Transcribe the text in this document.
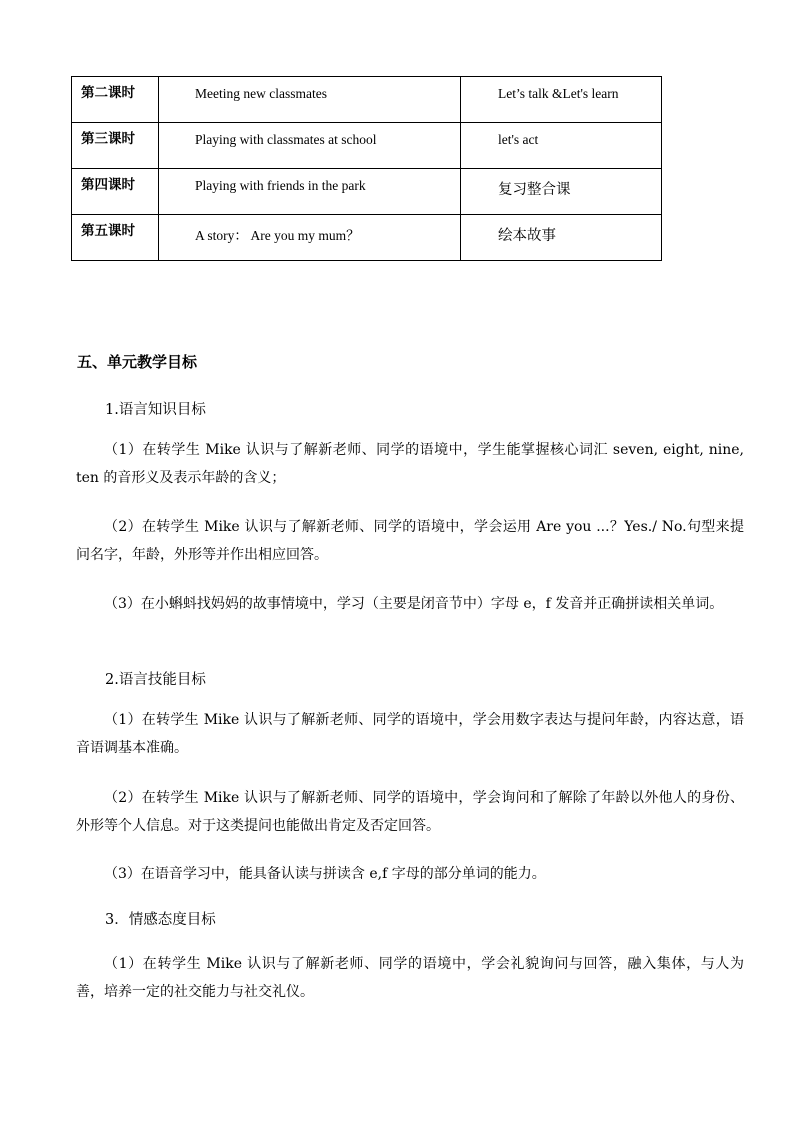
第二课时	Meeting new classmates	Let’s talk &Let's learn
第三课时	Playing with classmates at school	let's act
第四课时	Playing with friends in the park	复习整合课
第五课时	A story： Are you my mum？	绘本故事
五、单元教学目标
1.语言知识目标

（1）在转学生 Mike 认识与了解新老师、同学的语境中，学生能掌握核心词汇 seven, eight, nine, ten 的音形义及表示年龄的含义；

（2）在转学生 Mike 认识与了解新老师、同学的语境中，学会运用 Are you ...？Yes./ No.句型来提问名字，年龄，外形等并作出相应回答。

（3）在小蝌蚪找妈妈的故事情境中，学习（主要是闭音节中）字母 e，f 发音并正确拼读相关单词。

2.语言技能目标

（1）在转学生 Mike 认识与了解新老师、同学的语境中，学会用数字表达与提问年龄，内容达意，语音语调基本准确。

（2）在转学生 Mike 认识与了解新老师、同学的语境中，学会询问和了解除了年龄以外他人的身份、外形等个人信息。对于这类提问也能做出肯定及否定回答。

（3）在语音学习中，能具备认读与拼读含 e,f 字母的部分单词的能力。

3．情感态度目标

（1）在转学生 Mike 认识与了解新老师、同学的语境中，学会礼貌询问与回答，融入集体，与人为善，培养一定的社交能力与社交礼仪。
